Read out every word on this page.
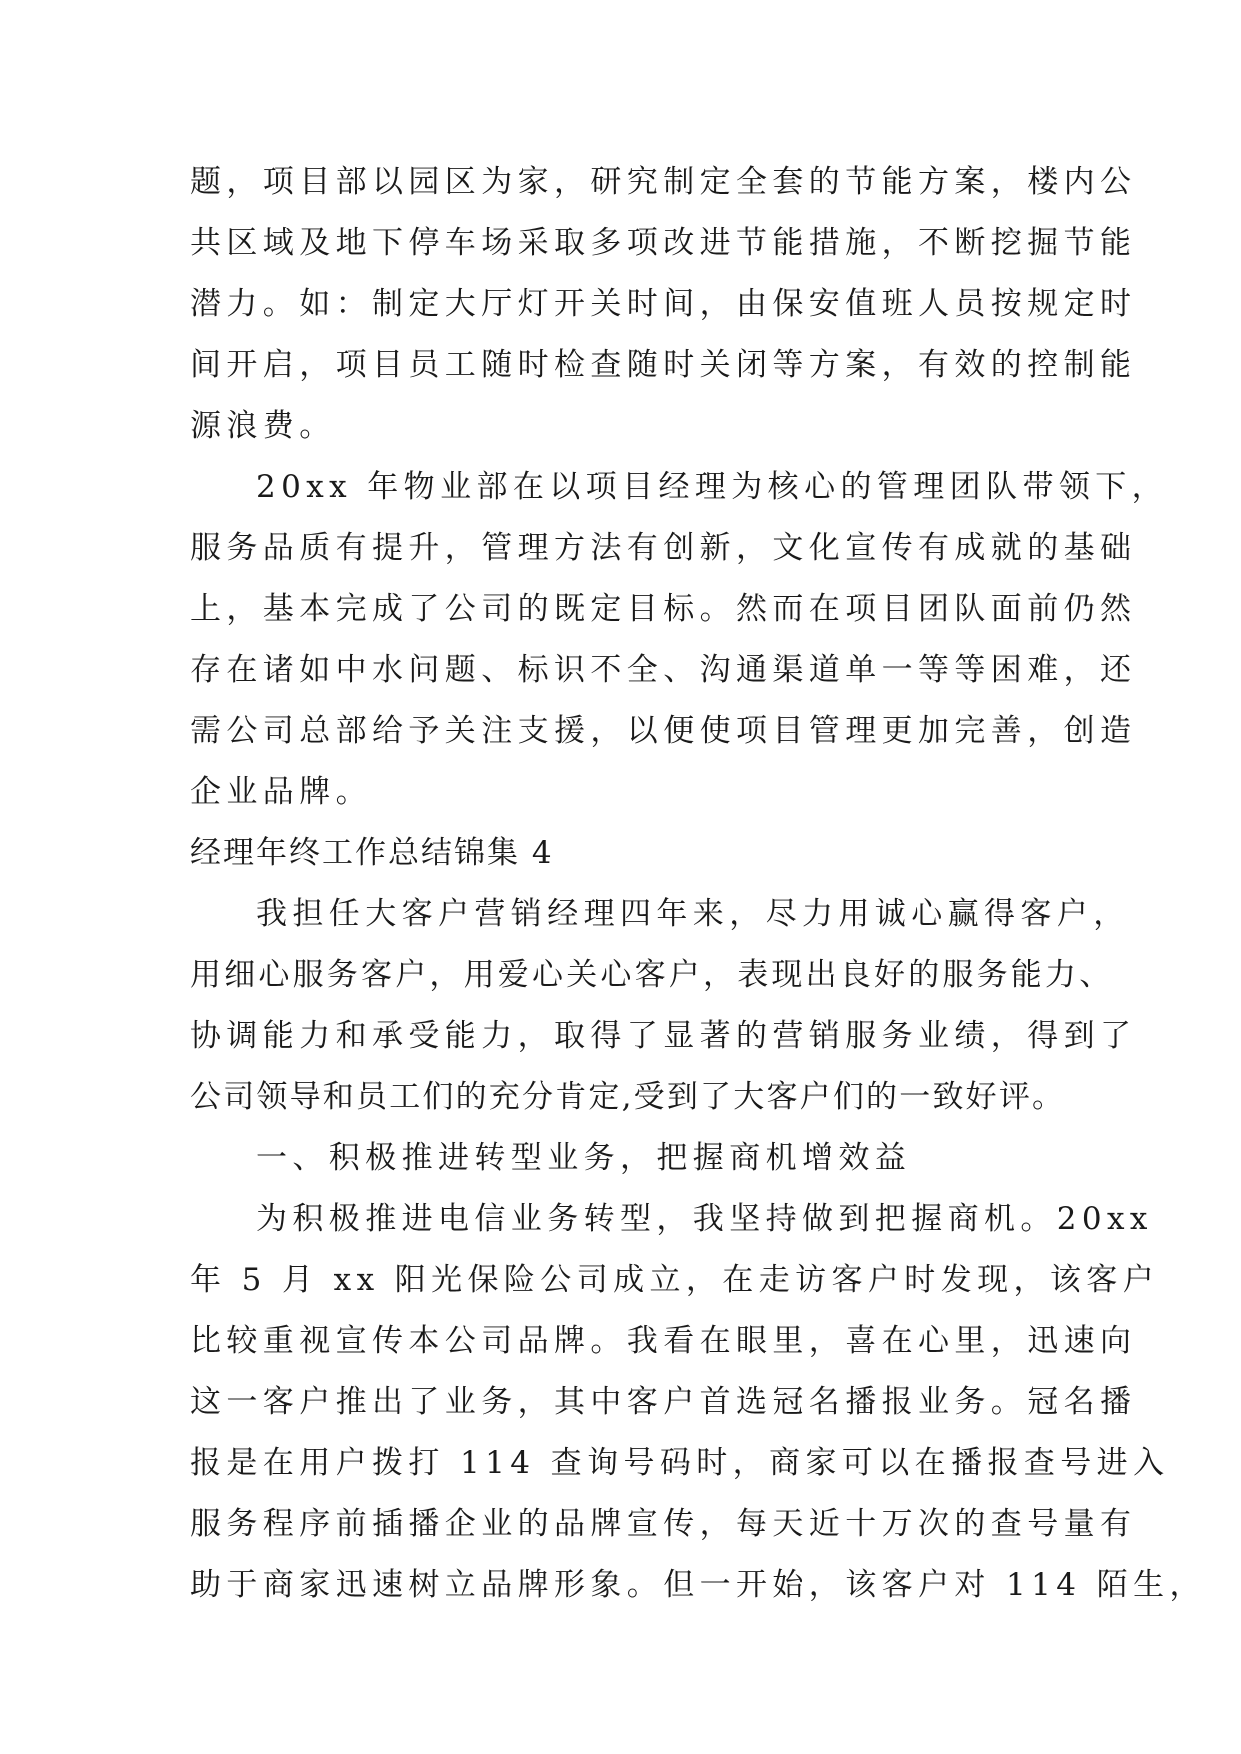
题，项目部以园区为家，研究制定全套的节能方案，楼内公
共区域及地下停车场采取多项改进节能措施，不断挖掘节能
潜力。如：制定大厅灯开关时间，由保安值班人员按规定时
间开启，项目员工随时检查随时关闭等方案，有效的控制能
源浪费。
20xx 年物业部在以项目经理为核心的管理团队带领下，
服务品质有提升，管理方法有创新，文化宣传有成就的基础
上，基本完成了公司的既定目标。然而在项目团队面前仍然
存在诸如中水问题、标识不全、沟通渠道单一等等困难，还
需公司总部给予关注支援，以便使项目管理更加完善，创造
企业品牌。
经理年终工作总结锦集 4
我担任大客户营销经理四年来，尽力用诚心赢得客户，
用细心服务客户，用爱心关心客户，表现出良好的服务能力、
协调能力和承受能力，取得了显著的营销服务业绩，得到了
公司领导和员工们的充分肯定,受到了大客户们的一致好评。
一、积极推进转型业务，把握商机增效益
为积极推进电信业务转型，我坚持做到把握商机。20xx
年 5 月 xx 阳光保险公司成立，在走访客户时发现，该客户
比较重视宣传本公司品牌。我看在眼里，喜在心里，迅速向
这一客户推出了业务，其中客户首选冠名播报业务。冠名播
报是在用户拨打 114 查询号码时，商家可以在播报查号进入
服务程序前插播企业的品牌宣传，每天近十万次的查号量有
助于商家迅速树立品牌形象。但一开始，该客户对 114 陌生，
